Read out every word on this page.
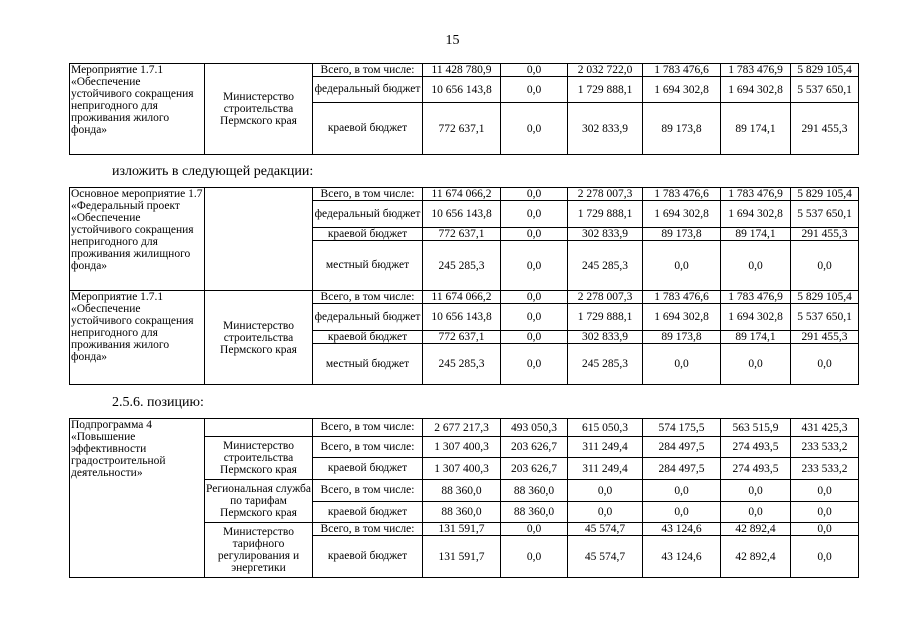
15
Мероприятие 1.7.1 «Обеспечение устойчивого сокращения непригодного для проживания жилого фонда»	Министерство строительства Пермского края	Всего, в том числе:	11 428 780,9	0,0	2 032 722,0	1 783 476,6	1 783 476,9	5 829 105,4
		федеральный бюджет	10 656 143,8	0,0	1 729 888,1	1 694 302,8	1 694 302,8	5 537 650,1
		краевой бюджет	772 637,1	0,0	302 833,9	89 173,8	89 174,1	291 455,3
изложить в следующей редакции:
Основное мероприятие 1.7 «Федеральный проект «Обеспечение устойчивого сокращения непригодного для проживания жилищного фонда»		Всего, в том числе:	11 674 066,2	0,0	2 278 007,3	1 783 476,6	1 783 476,9	5 829 105,4
		федеральный бюджет	10 656 143,8	0,0	1 729 888,1	1 694 302,8	1 694 302,8	5 537 650,1
		краевой бюджет	772 637,1	0,0	302 833,9	89 173,8	89 174,1	291 455,3
		местный бюджет	245 285,3	0,0	245 285,3	0,0	0,0	0,0
Мероприятие 1.7.1 «Обеспечение устойчивого сокращения непригодного для проживания жилого фонда»	Министерство строительства Пермского края	Всего, в том числе:	11 674 066,2	0,0	2 278 007,3	1 783 476,6	1 783 476,9	5 829 105,4
		федеральный бюджет	10 656 143,8	0,0	1 729 888,1	1 694 302,8	1 694 302,8	5 537 650,1
		краевой бюджет	772 637,1	0,0	302 833,9	89 173,8	89 174,1	291 455,3
		местный бюджет	245 285,3	0,0	245 285,3	0,0	0,0	0,0
2.5.6. позицию:
Подпрограмма 4 «Повышение эффективности градостроительной деятельности»		Всего, в том числе:	2 677 217,3	493 050,3	615 050,3	574 175,5	563 515,9	431 425,3
	Министерство строительства Пермского края	Всего, в том числе:	1 307 400,3	203 626,7	311 249,4	284 497,5	274 493,5	233 533,2
		краевой бюджет	1 307 400,3	203 626,7	311 249,4	284 497,5	274 493,5	233 533,2
	Региональная служба по тарифам Пермского края	Всего, в том числе:	88 360,0	88 360,0	0,0	0,0	0,0	0,0
		краевой бюджет	88 360,0	88 360,0	0,0	0,0	0,0	0,0
	Министерство тарифного регулирования и энергетики	Всего, в том числе:	131 591,7	0,0	45 574,7	43 124,6	42 892,4	0,0
		краевой бюджет	131 591,7	0,0	45 574,7	43 124,6	42 892,4	0,0
